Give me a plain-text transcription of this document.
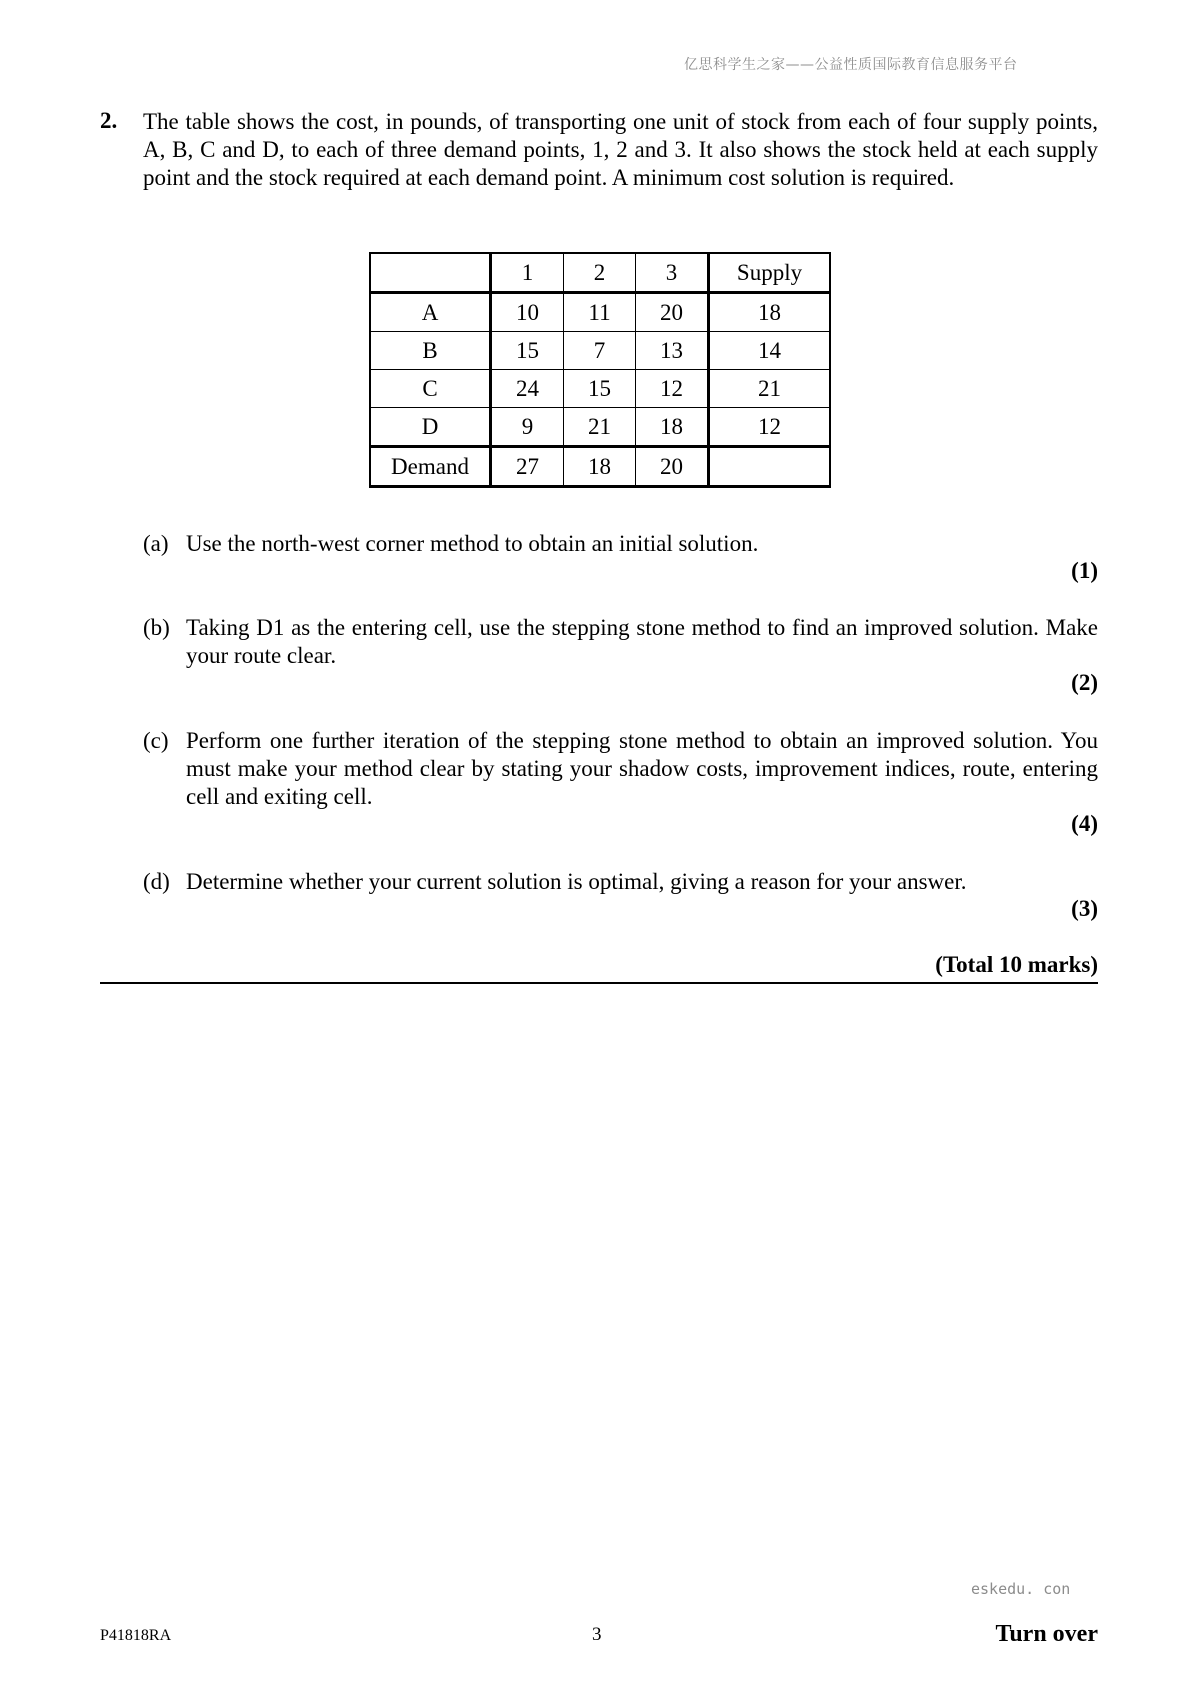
亿思科学生之家——公益性质国际教育信息服务平台
2. The table shows the cost, in pounds, of transporting one unit of stock from each of four supply points, A, B, C and D, to each of three demand points, 1, 2 and 3. It also shows the stock held at each supply point and the stock required at each demand point. A minimum cost solution is required.
	1	2	3	Supply
A	10	11	20	18
B	15	7	13	14
C	24	15	12	21
D	9	21	18	12
Demand	27	18	20	
(a) Use the north-west corner method to obtain an initial solution.
(1)
(b) Taking D1 as the entering cell, use the stepping stone method to find an improved solution. Make your route clear.
(2)
(c) Perform one further iteration of the stepping stone method to obtain an improved solution. You must make your method clear by stating your shadow costs, improvement indices, route, entering cell and exiting cell.
(4)
(d) Determine whether your current solution is optimal, giving a reason for your answer.
(3)
(Total 10 marks)
eskedu. con
P41818RA	3	Turn over
